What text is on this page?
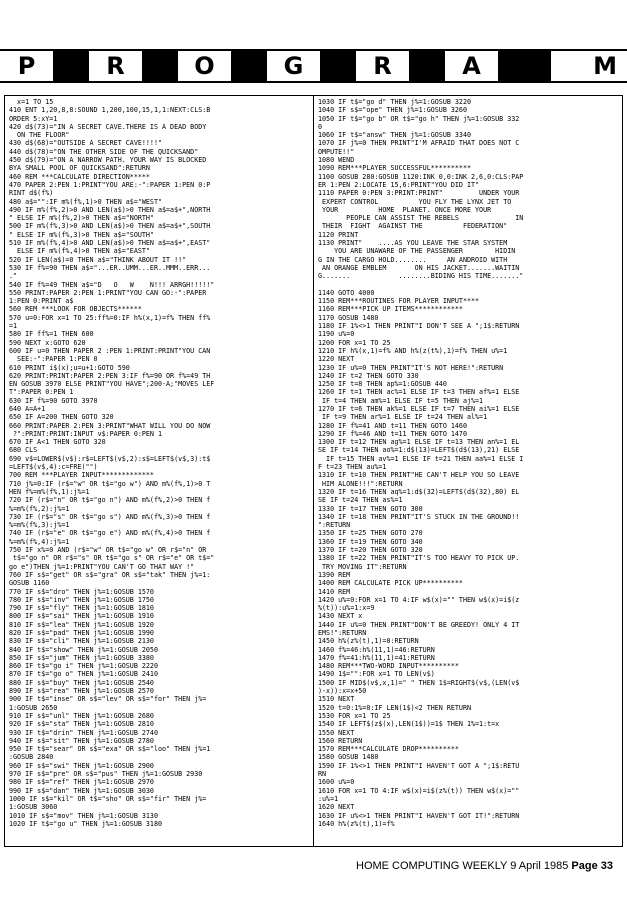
P	R	O	G	R	A	M
x=1 TO 15
410 ENT 1,20,8,8:SOUND 1,200,100,15,1,1:NEXT:CLS:B
ORDER 5:xY=1
420 d$(73)="IN A SECRET CAVE.THERE IS A DEAD BODY
ON THE FLOOR"
430 d$(68)="OUTSIDE A SECRET CAVE!!!!"
440 d$(78)="ON THE OTHER SIDE OF THE QUICKSAND"
450 d$(79)="ON A NARROW PATH. YOUR WAY IS BLOCKED
BYA SMALL POOL OF QUICKSAND":RETURN
460 REM ***CALCULATE DIRECTION*****
470 PAPER 2:PEN 1:PRINT"YOU ARE:-":PAPER 1:PEN 0:P
RINT d$(f%)
480 a$="":IF m%(f%,1)>0 THEN a$="WEST"
490 IF m%(f%,2)>0 AND LEN(a$)>0 THEN a$=a$+",NORTH
" ELSE IF m%(f%,2)>0 THEN a$="NORTH"
500 IF m%(f%,3)>0 AND LEN(a$)>0 THEN a$=a$+",SOUTH
" ELSE IF m%(f%,3)>0 THEN a$="SOUTH"
510 IF m%(f%,4)>0 AND LEN(a$)>0 THEN a$=a$+",EAST"
ELSE IF m%(f%,4)>0 THEN a$="EAST"
520 IF LEN(a$)=0 THEN a$="THINK ABOUT IT !!"
530 IF f%=90 THEN a$="...ER..UMM...ER..MMM..ERR...
."
540 IF f%=49 THEN a$="D   O   W    N!!! ARRGH!!!!!"
550 PRINT:PAPER 2:PEN 1:PRINT"YOU CAN GO:-":PAPER
1:PEN 0:PRINT a$
560 REM ***LOOK FOR OBJECTS******
570 u=0:FOR x=1 TO 25:ff%=0:IF h%(x,1)=f% THEN ff%
=1
580 IF ff%=1 THEN 600
590 NEXT x:GOTO 620
600 IF u=0 THEN PAPER 2 :PEN 1:PRINT:PRINT"YOU CAN
SEE:-":PAPER 1:PEN 0
610 PRINT i$(x);u=u+1:GOTO 590
620 PRINT:PRINT:PAPER 2:PEN 3:IF f%=90 OR f%=49 TH
EN GOSUB 3970 ELSE PRINT"YOU HAVE";200-A;"MOVES LEF
T":PAPER 0:PEN 1
630 IF f%=90 GOTO 3970
640 A=A+1
650 IF A=200 THEN GOTO 320
660 PRINT:PAPER 2:PEN 3:PRINT"WHAT WILL YOU DO NOW
?":PRINT:PRINT:INPUT v$:PAPER 0:PEN 1
670 IF A<1 THEN GOTO 320
680 CLS
690 v$=LOWER$(v$):r$=LEFT$(v$,2):s$=LEFT$(v$,3):t$
=LEFT$(v$,4):c=FRE("")
700 REM ***PLAYER INPUT*************
710 j%=0:IF (r$="w" OR t$="go w") AND m%(f%,1)>0 T
HEN f%=m%(f%,1):j%=1
720 IF (r$="n" OR t$="go n") AND m%(f%,2)>0 THEN f
%=m%(f%,2):j%=1
730 IF (r$="s" OR t$="go s") AND m%(f%,3)>0 THEN f
%=m%(f%,3):j%=1
740 IF (r$="e" OR t$="go e") AND m%(f%,4)>0 THEN f
%=m%(f%,4):j%=1
750 IF x%=0 AND (r$="w" OR t$="go w" OR r$="n" OR
t$="go n" OR r$="s" OR t$="go s" OR r$="e" OR t$="
go e")THEN j%=1:PRINT"YOU CAN'T GO THAT WAY !"
760 IF s$="get" OR s$="gra" OR s$="tak" THEN j%=1:
GOSUB 1160
770 IF s$="dro" THEN j%=1:GOSUB 1570
780 IF s$="inv" THEN j%=1:GOSUB 1750
790 IF s$="fly" THEN j%=1:GOSUB 1810
800 IF s$="sai" THEN j%=1:GOSUB 1910
810 IF s$="lea" THEN j%=1:GOSUB 1920
820 IF s$="pad" THEN j%=1:GOSUB 1990
830 IF s$="cli" THEN j%=1:GOSUB 2130
840 IF t$="show" THEN j%=1:GOSUB 2050
850 IF s$="jum" THEN j%=1:GOSUB 3380
860 IF t$="go i" THEN j%=1:GOSUB 2220
870 IF t$="go o" THEN j%=1:GOSUB 2410
880 IF s$="buy" THEN j%=1:GOSUB 2540
890 IF s$="rea" THEN j%=1:GOSUB 2570
900 IF t$="inse" OR s$="lev" OR s$="for" THEN j%=
1:GOSUB 2650
910 IF s$="unl" THEN j%=1:GOSUB 2680
920 IF s$="sta" THEN j%=1:GOSUB 2810
930 IF t$="drin" THEN j%=1:GOSUB 2740
940 IF s$="sit" THEN j%=1:GOSUB 2780
950 IF t$="sear" OR s$="exa" OR s$="loo" THEN j%=1
:GOSUB 2840
960 IF s$="swi" THEN j%=1:GOSUB 2900
970 IF s$="pre" OR s$="pus" THEN j%=1:GOSUB 2930
980 IF s$="ref" THEN j%=1:GOSUB 2970
990 IF s$="dan" THEN j%=1:GOSUB 3030
1000 IF s$="kil" OR t$="sho" OR s$="fir" THEN j%=
1:GOSUB 3060
1010 IF s$="mov" THEN j%=1:GOSUB 3130
1020 IF t$="go u" THEN j%=1:GOSUB 3180
1030 IF t$="go d" THEN j%=1:GOSUB 3220
1040 IF s$="ope" THEN j%=1:GOSUB 3260
1050 IF t$="go b" OR t$="go h" THEN j%=1:GOSUB 332
0
1060 IF t$="answ" THEN j%=1:GOSUB 3340
1070 IF j%=0 THEN PRINT"I'M AFRAID THAT DOES NOT C
OMPUTE!!"
1080 WEND
1090 REM***PLAYER SUCCESSFUL**********
1100 GOSUB 280:GOSUB 1120:INK 0,0:INK 2,6,0:CLS:PAP
ER 1:PEN 2:LOCATE 15,6:PRINT"YOU DID IT"
1110 PAPER 0:PEN 3:PRINT:PRINT"         UNDER YOUR
EXPERT CONTROL          YOU FLY THE LYNX JET TO
YOUR          HOME  PLANET. ONCE MORE YOUR
PEOPLE CAN ASSIST THE REBELS              IN
THEIR  FIGHT  AGAINST THE          FEDERATION"
1120 PRINT
1130 PRINT"    ....AS YOU LEAVE THE STAR SYSTEM
YOU ARE UNAWARE OF THE PASSENGER        HIDIN
G IN THE CARGO HOLD........     AN ANDROID WITH
AN ORANGE EMBLEM       ON HIS JACKET.......WAITIN
G.......            ........BIDING HIS TIME......."
1140 GOTO 4000
1150 REM***ROUTINES FOR PLAYER INPUT****
1160 REM***PICK UP ITEMS************
1170 GOSUB 1480
1180 IF 1%<>1 THEN PRINT"I DON'T SEE A ";1$:RETURN
1190 u%=0
1200 FOR x=1 TO 25
1210 IF h%(x,1)=f% AND h%(z(t%),1)=f% THEN u%=1
1220 NEXT
1230 IF u%=0 THEN PRINT"IT'S NOT HERE!":RETURN
1240 IF t=2 THEN GOTO 330
1250 IF t=8 THEN ap%=1:GOSUB 440
1260 IF t=1 THEN ac%=1 ELSE IF t=3 THEN af%=1 ELSE
IF t=4 THEN am%=1 ELSE IF t=5 THEN aj%=1
1270 IF t=6 THEN ak%=1 ELSE IF t=7 THEN ai%=1 ELSE
IF t=9 THEN ar%=1 ELSE IF t=24 THEN al%=1
1280 IF f%=41 AND t=11 THEN GOTO 1460
1290 IF f%=46 AND t=11 THEN GOTO 1470
1300 IF t=12 THEN ag%=1 ELSE IF t=13 THEN an%=1 EL
SE IF t=14 THEN ao%=1:d$(13)=LEFT$(d$(13),21) ELSE
IF t=15 THEN av%=1 ELSE IF t=21 THEN aa%=1 ELSE I
F t=23 THEN au%=1
1310 IF t=10 THEN PRINT"HE CAN'T HELP YOU SO LEAVE
HIM ALONE!!!":RETURN
1320 IF t=16 THEN aq%=1:d$(32)=LEFT$(d$(32),80) EL
SE IF t=24 THEN as%=1
1330 IF t=17 THEN GOTO 300
1340 IF t=18 THEN PRINT"IT'S STUCK IN THE GROUND!!
":RETURN
1350 IF t=25 THEN GOTO 270
1360 IF t=19 THEN GOTO 340
1370 IF t=20 THEN GOTO 320
1380 IF t=22 THEN PRINT"IT'S TOO HEAVY TO PICK UP.
TRY MOVING IT":RETURN
1390 REM
1400 REM CALCULATE PICK UP**********
1410 REM
1420 u%=0:FOR x=1 TO 4:IF w$(x)="" THEN w$(x)=i$(z
%(t)):u%=1:x=9
1430 NEXT x
1440 IF u%=0 THEN PRINT"DON'T BE GREEDY! ONLY 4 IT
EMS!":RETURN
1450 h%(z%(t),1)=0:RETURN
1460 f%=46:h%(11,1)=46:RETURN
1470 f%=41:h%(11,1)=41:RETURN
1480 REM***TWO-WORD INPUT**********
1490 1$="":FOR x=1 TO LEN(v$)
1500 IF MID$(v$,x,1)=" " THEN 1$=RIGHT$(v$,(LEN(v$
)-x)):x=x+50
1510 NEXT
1520 t=0:1%=0:IF LEN(1$)<2 THEN RETURN
1530 FOR x=1 TO 25
1540 IF LEFT$(z$(x),LEN(1$))=1$ THEN 1%=1:t=x
1550 NEXT
1560 RETURN
1570 REM***CALCULATE DROP**********
1580 GOSUB 1480
1590 IF 1%<>1 THEN PRINT"I HAVEN'T GOT A ";1$:RETU
RN
1600 u%=0
1610 FOR x=1 TO 4:IF w$(x)=i$(z%(t)) THEN w$(x)=""
:u%=1
1620 NEXT
1630 IF u%<>1 THEN PRINT"I HAVEN'T GOT IT!":RETURN
1640 h%(z%(t),1)=f%
HOME COMPUTING WEEKLY 9 April 1985 Page 33
